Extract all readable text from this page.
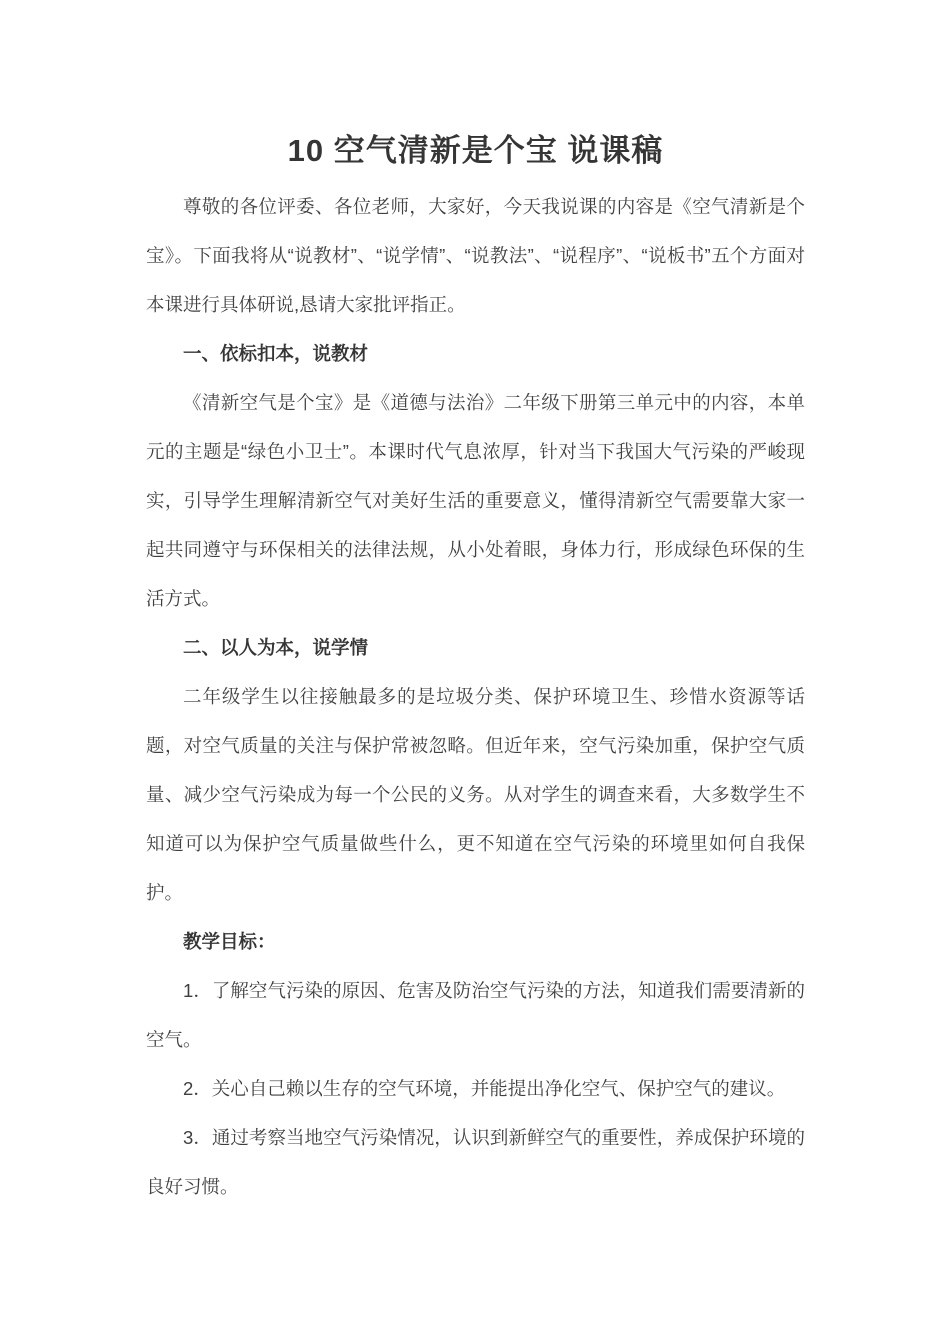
10 空气清新是个宝 说课稿

尊敬的各位评委、各位老师，大家好，今天我说课的内容是《空气清新是个宝》。下面我将从“说教材”、“说学情”、“说教法”、“说程序”、“说板书”五个方面对本课进行具体研说,恳请大家批评指正。

一、依标扣本，说教材

《清新空气是个宝》是《道德与法治》二年级下册第三单元中的内容，本单元的主题是“绿色小卫士”。本课时代气息浓厚，针对当下我国大气污染的严峻现实，引导学生理解清新空气对美好生活的重要意义，懂得清新空气需要靠大家一起共同遵守与环保相关的法律法规，从小处着眼，身体力行，形成绿色环保的生活方式。

二、以人为本，说学情

二年级学生以往接触最多的是垃圾分类、保护环境卫生、珍惜水资源等话题，对空气质量的关注与保护常被忽略。但近年来，空气污染加重，保护空气质量、减少空气污染成为每一个公民的义务。从对学生的调查来看，大多数学生不知道可以为保护空气质量做些什么，更不知道在空气污染的环境里如何自我保护。

教学目标：

1．了解空气污染的原因、危害及防治空气污染的方法，知道我们需要清新的空气。

2．关心自己赖以生存的空气环境，并能提出净化空气、保护空气的建议。

3．通过考察当地空气污染情况，认识到新鲜空气的重要性，养成保护环境的良好习惯。
